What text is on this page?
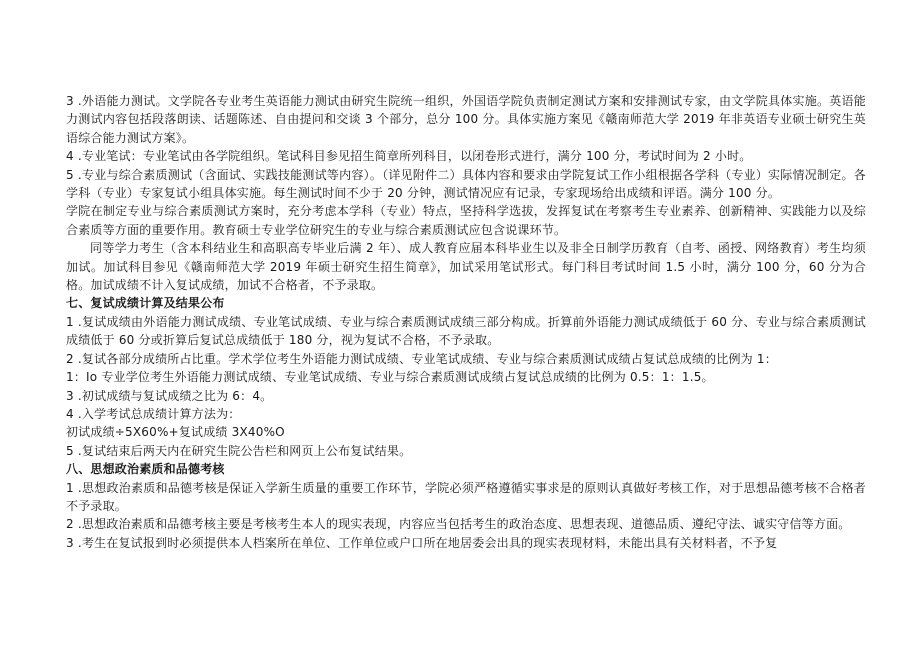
3 .外语能力测试。文学院各专业考生英语能力测试由研究生院统一组织，外国语学院负责制定测试方案和安排测试专家，由文学院具体实施。英语能力测试内容包括段落朗读、话题陈述、自由提问和交谈 3 个部分，总分 100 分。具体实施方案见《赣南师范大学 2019 年非英语专业硕士研究生英语综合能力测试方案》。

4 .专业笔试：专业笔试由各学院组织。笔试科目参见招生简章所列科目，以闭卷形式进行，满分 100 分，考试时间为 2 小时。

5 .专业与综合素质测试（含面试、实践技能测试等内容）。（详见附件二）具体内容和要求由学院复试工作小组根据各学科（专业）实际情况制定。各学科（专业）专家复试小组具体实施。每生测试时间不少于 20 分钟，测试情况应有记录，专家现场给出成绩和评语。满分 100 分。

学院在制定专业与综合素质测试方案时，充分考虑本学科（专业）特点，坚持科学选拔，发挥复试在考察考生专业素养、创新精神、实践能力以及综合素质等方面的重要作用。教育硕士专业学位研究生的专业与综合素质测试应包含说课环节。

同等学力考生（含本科结业生和高职高专毕业后满 2 年）、成人教育应届本科毕业生以及非全日制学历教育（自考、函授、网络教育）考生均须加试。加试科目参见《赣南师范大学 2019 年硕士研究生招生简章》，加试采用笔试形式。每门科目考试时间 1.5 小时，满分 100 分，60 分为合格。加试成绩不计入复试成绩，加试不合格者，不予录取。

七、复试成绩计算及结果公布

1 .复试成绩由外语能力测试成绩、专业笔试成绩、专业与综合素质测试成绩三部分构成。折算前外语能力测试成绩低于 60 分、专业与综合素质测试成绩低于 60 分或折算后复试总成绩低于 180 分，视为复试不合格，不予录取。

2 .复试各部分成绩所占比重。学术学位考生外语能力测试成绩、专业笔试成绩、专业与综合素质测试成绩占复试总成绩的比例为 1：

1：Io 专业学位考生外语能力测试成绩、专业笔试成绩、专业与综合素质测试成绩占复试总成绩的比例为 0.5：1：1.5。

3 .初试成绩与复试成绩之比为 6：4。

4 .入学考试总成绩计算方法为：

初试成绩÷5X60%+复试成绩 3X40%O

5 .复试结束后两天内在研究生院公告栏和网页上公布复试结果。

八、思想政治素质和品德考核

1 .思想政治素质和品德考核是保证入学新生质量的重要工作环节，学院必须严格遵循实事求是的原则认真做好考核工作，对于思想品德考核不合格者不予录取。

2 .思想政治素质和品德考核主要是考核考生本人的现实表现，内容应当包括考生的政治态度、思想表现、道德品质、遵纪守法、诚实守信等方面。

3 .考生在复试报到时必须提供本人档案所在单位、工作单位或户口所在地居委会出具的现实表现材料，未能出具有关材料者，不予复
